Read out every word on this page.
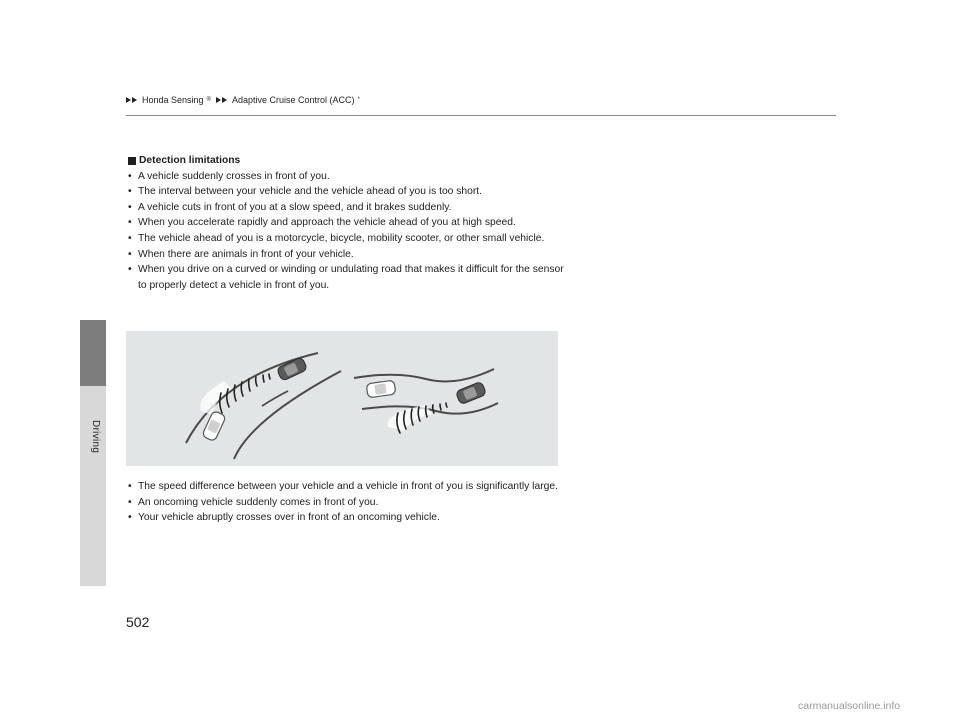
Driving
Honda Sensing ® Adaptive Cruise Control (ACC) *
Detection limitations
• A vehicle suddenly crosses in front of you.
• The interval between your vehicle and the vehicle ahead of you is too short.
• A vehicle cuts in front of you at a slow speed, and it brakes suddenly.
• When you accelerate rapidly and approach the vehicle ahead of you at high speed.
• The vehicle ahead of you is a motorcycle, bicycle, mobility scooter, or other small vehicle.
• When there are animals in front of your vehicle.
• When you drive on a curved or winding or undulating road that makes it difficult for the sensor to properly detect a vehicle in front of you.
• The speed difference between your vehicle and a vehicle in front of you is significantly large.
• An oncoming vehicle suddenly comes in front of you.
• Your vehicle abruptly crosses over in front of an oncoming vehicle.
502
carmanualsonline.info
